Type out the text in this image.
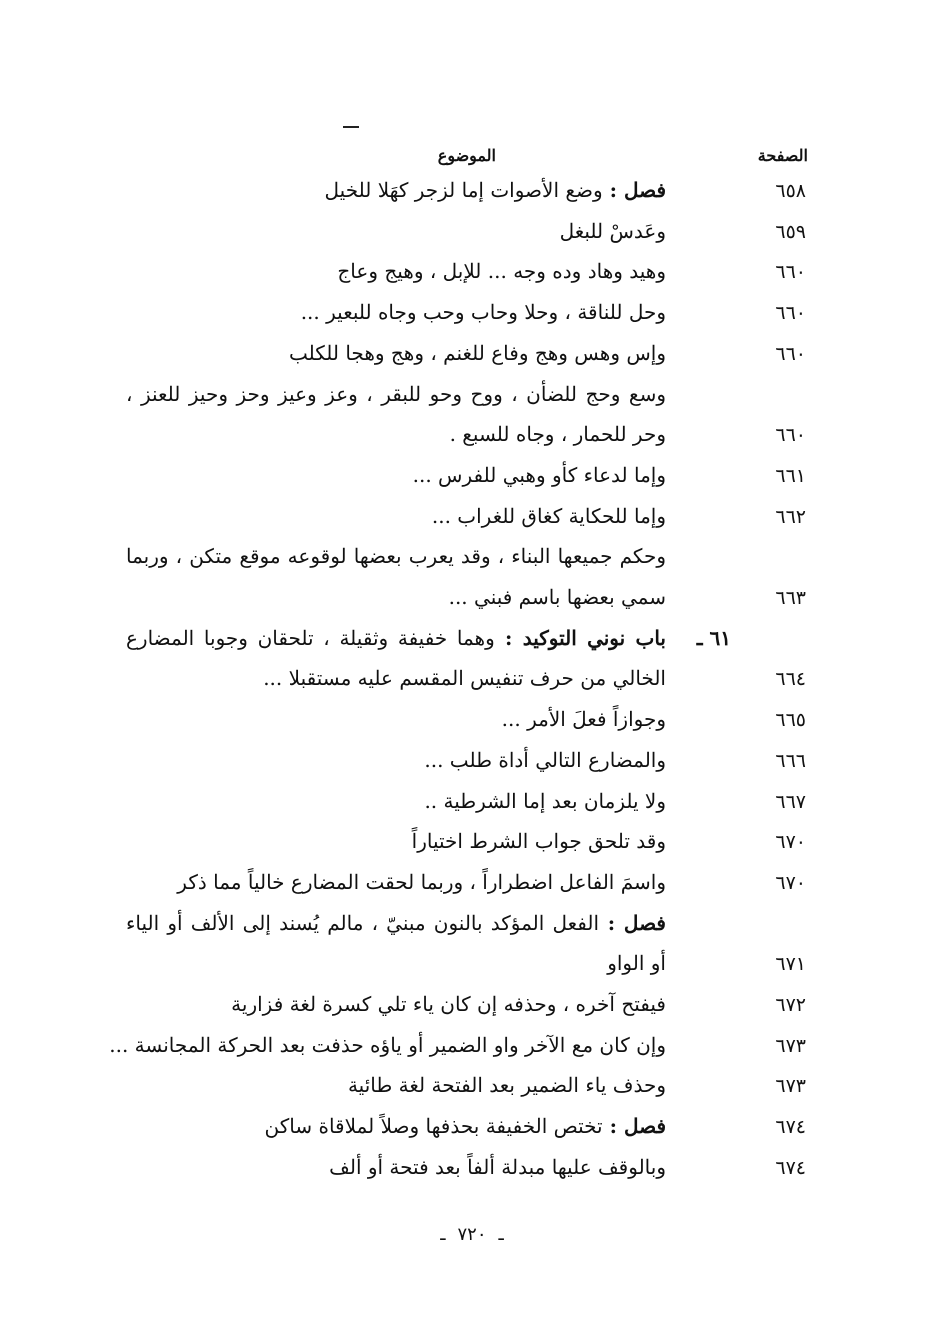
الصفحة
الموضوع
٦٥٨
فصل : وضع الأصوات إما لزجر كهَلا للخيل
٦٥٩
وعَدسْ للبغل
٦٦٠
وهيد وهاد وده وجه ... للإبل ، وهيج وعاج
٦٦٠
وحل للناقة ، وحلا وحاب وحب وجاه للبعير ...
٦٦٠
وإس وهس وهج وفاع للغنم ، وهج وهجا للكلب
وسع وحج للضأن ، ووح وحو للبقر ، وعز وعيز وحز وحيز للعنز ،
٦٦٠
وحر للحمار ، وجاه للسبع .
٦٦١
وإما لدعاء كأو وهبي للفرس ...
٦٦٢
وإما للحكاية كغاق للغراب ...
وحكم جميعها البناء ، وقد يعرب بعضها لوقوعه موقع متكن ، وربما
٦٦٣
سمي بعضها باسم فبني ...
٦١ ـ
باب نوني التوكيد : وهما خفيفة وثقيلة ، تلحقان وجوبا المضارع
٦٦٤
الخالي من حرف تنفيس المقسم عليه مستقبلا ...
٦٦٥
وجوازاً فعلَ الأمر ...
٦٦٦
والمضارع التالي أداة طلب ...
٦٦٧
ولا يلزمان بعد إما الشرطية ..
٦٧٠
وقد تلحق جواب الشرط اختياراً
٦٧٠
واسمَ الفاعل اضطراراً ، وربما لحقت المضارع خالياً مما ذكر
فصل : الفعل المؤكد بالنون مبنيّ ، مالم يُسند إلى الألف أو الياء
٦٧١
أو الواو
٦٧٢
فيفتح آخره ، وحذفه إن كان ياء تلي كسرة لغة فزارية
٦٧٣
وإن كان مع الآخر واو الضمير أو ياؤه حذفت بعد الحركة المجانسة ...
٦٧٣
وحذف ياء الضمير بعد الفتحة لغة طائية
٦٧٤
فصل : تختص الخفيفة بحذفها وصلاً لملاقاة ساكن
٦٧٤
وبالوقف عليها مبدلة ألفاً بعد فتحة أو ألف
ـ٧٢٠ـ
